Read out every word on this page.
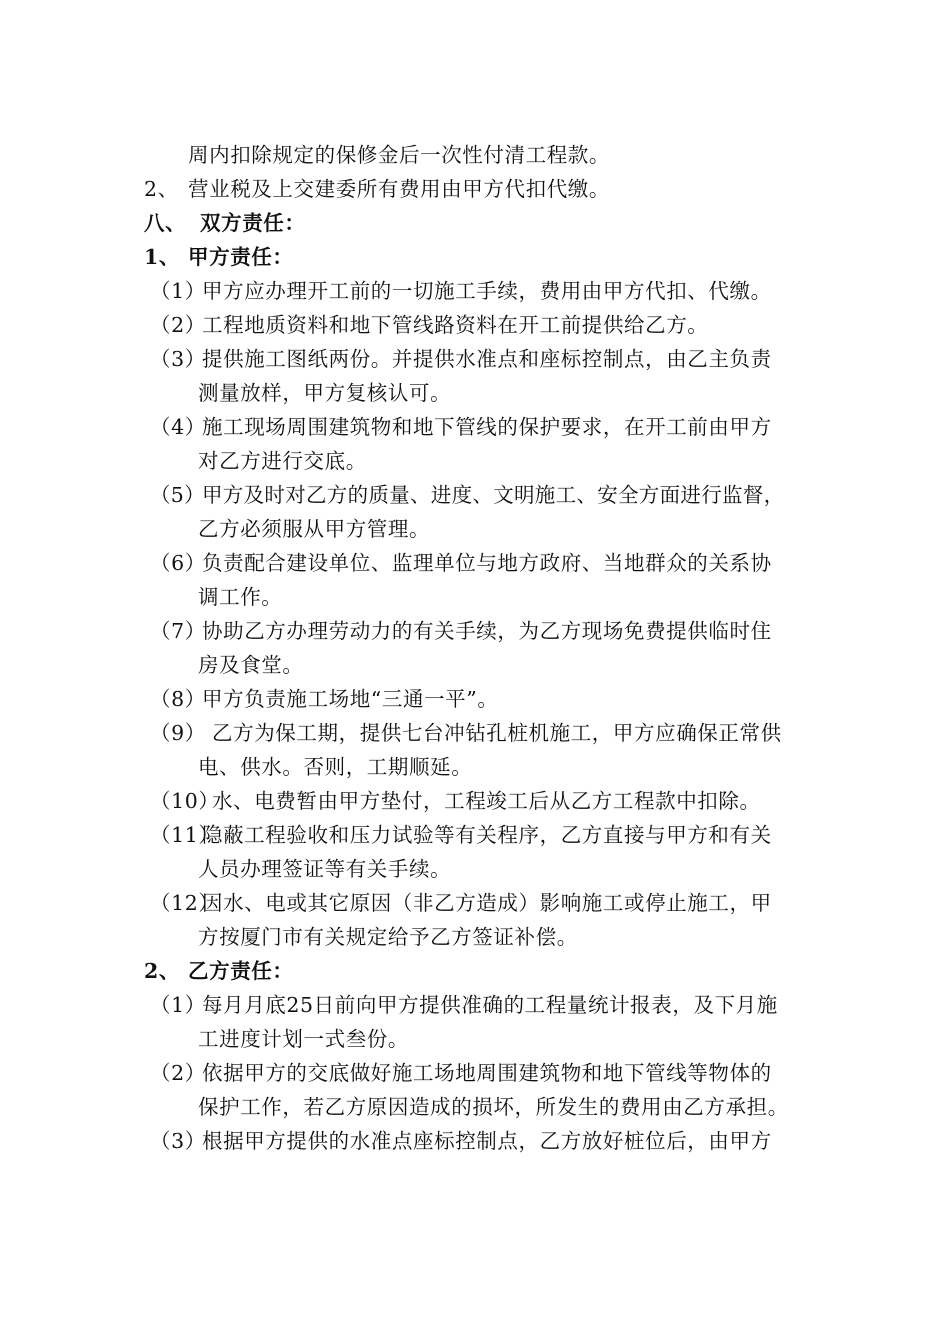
周内扣除规定的保修金后一次性付清工程款。
2、 营业税及上交建委所有费用由甲方代扣代缴。
八、 双方责任：
1、 甲方责任：
（1）甲方应办理开工前的一切施工手续，费用由甲方代扣、代缴。
（2）工程地质资料和地下管线路资料在开工前提供给乙方。
（3）提供施工图纸两份。并提供水准点和座标控制点，由乙主负责
测量放样，甲方复核认可。
（4）施工现场周围建筑物和地下管线的保护要求，在开工前由甲方
对乙方进行交底。
（5）甲方及时对乙方的质量、进度、文明施工、安全方面进行监督，
乙方必须服从甲方管理。
（6）负责配合建设单位、监理单位与地方政府、当地群众的关系协
调工作。
（7）协助乙方办理劳动力的有关手续，为乙方现场免费提供临时住
房及食堂。
（8）甲方负责施工场地“三通一平”。
（9） 乙方为保工期，提供七台冲钻孔桩机施工，甲方应确保正常供
电、供水。否则，工期顺延。
（10）水、电费暂由甲方垫付，工程竣工后从乙方工程款中扣除。
（11）隐蔽工程验收和压力试验等有关程序，乙方直接与甲方和有关
人员办理签证等有关手续。
（12）因水、电或其它原因（非乙方造成）影响施工或停止施工，甲
方按厦门市有关规定给予乙方签证补偿。
2、 乙方责任：
（1）每月月底25日前向甲方提供准确的工程量统计报表，及下月施
工进度计划一式叁份。
（2）依据甲方的交底做好施工场地周围建筑物和地下管线等物体的
保护工作，若乙方原因造成的损坏，所发生的费用由乙方承担。
（3）根据甲方提供的水准点座标控制点，乙方放好桩位后，由甲方
